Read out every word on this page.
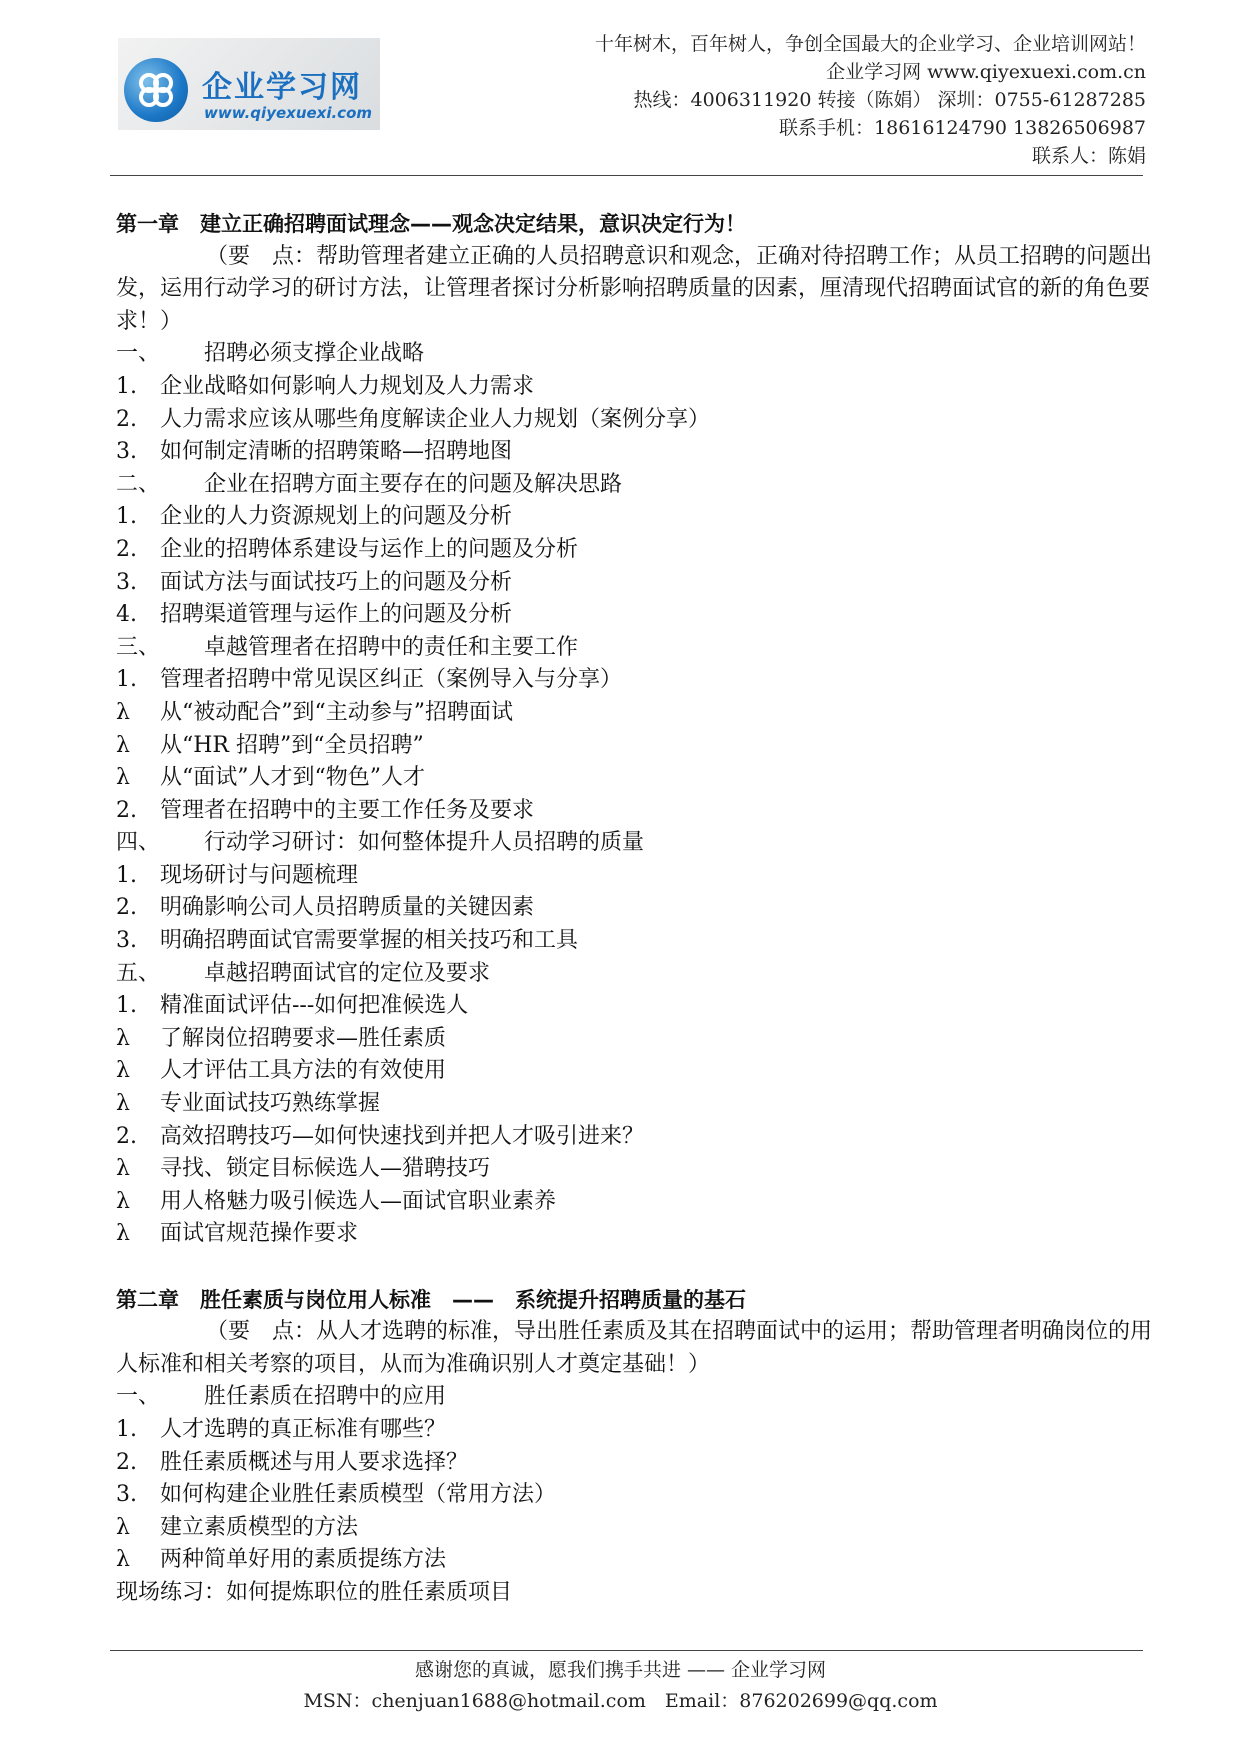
企业学习网
www.qiyexuexi.com
十年树木，百年树人，争创全国最大的企业学习、企业培训网站！
企业学习网 www.qiyexuexi.com.cn
热线：4006311920 转接（陈娟） 深圳：0755-61287285
联系手机：18616124790 13826506987
联系人：陈娟
第一章　建立正确招聘面试理念——观念决定结果，意识决定行为！
（要　点：帮助管理者建立正确的人员招聘意识和观念，正确对待招聘工作；从员工招聘的问题出发，运用行动学习的研讨方法，让管理者探讨分析影响招聘质量的因素，厘清现代招聘面试官的新的角色要求！）
一、 招聘必须支撑企业战略
1. 企业战略如何影响人力规划及人力需求
2. 人力需求应该从哪些角度解读企业人力规划（案例分享）
3. 如何制定清晰的招聘策略—招聘地图
二、 企业在招聘方面主要存在的问题及解决思路
1. 企业的人力资源规划上的问题及分析
2. 企业的招聘体系建设与运作上的问题及分析
3. 面试方法与面试技巧上的问题及分析
4. 招聘渠道管理与运作上的问题及分析
三、 卓越管理者在招聘中的责任和主要工作
1. 管理者招聘中常见误区纠正（案例导入与分享）
λ 从“被动配合”到“主动参与”招聘面试
λ 从“HR 招聘”到“全员招聘”
λ 从“面试”人才到“物色”人才
2. 管理者在招聘中的主要工作任务及要求
四、 行动学习研讨：如何整体提升人员招聘的质量
1. 现场研讨与问题梳理
2. 明确影响公司人员招聘质量的关键因素
3. 明确招聘面试官需要掌握的相关技巧和工具
五、 卓越招聘面试官的定位及要求
1. 精准面试评估---如何把准候选人
λ 了解岗位招聘要求—胜任素质
λ 人才评估工具方法的有效使用
λ 专业面试技巧熟练掌握
2. 高效招聘技巧—如何快速找到并把人才吸引进来？
λ 寻找、锁定目标候选人—猎聘技巧
λ 用人格魅力吸引候选人—面试官职业素养
λ 面试官规范操作要求
第二章　胜任素质与岗位用人标准　——　系统提升招聘质量的基石
（要　点：从人才选聘的标准，导出胜任素质及其在招聘面试中的运用；帮助管理者明确岗位的用人标准和相关考察的项目，从而为准确识别人才奠定基础！）
一、 胜任素质在招聘中的应用
1. 人才选聘的真正标准有哪些？
2. 胜任素质概述与用人要求选择？
3. 如何构建企业胜任素质模型（常用方法）
λ 建立素质模型的方法
λ 两种简单好用的素质提练方法
现场练习：如何提炼职位的胜任素质项目
感谢您的真诚，愿我们携手共进 —— 企业学习网
MSN：chenjuan1688@hotmail.com　Email：876202699@qq.com
